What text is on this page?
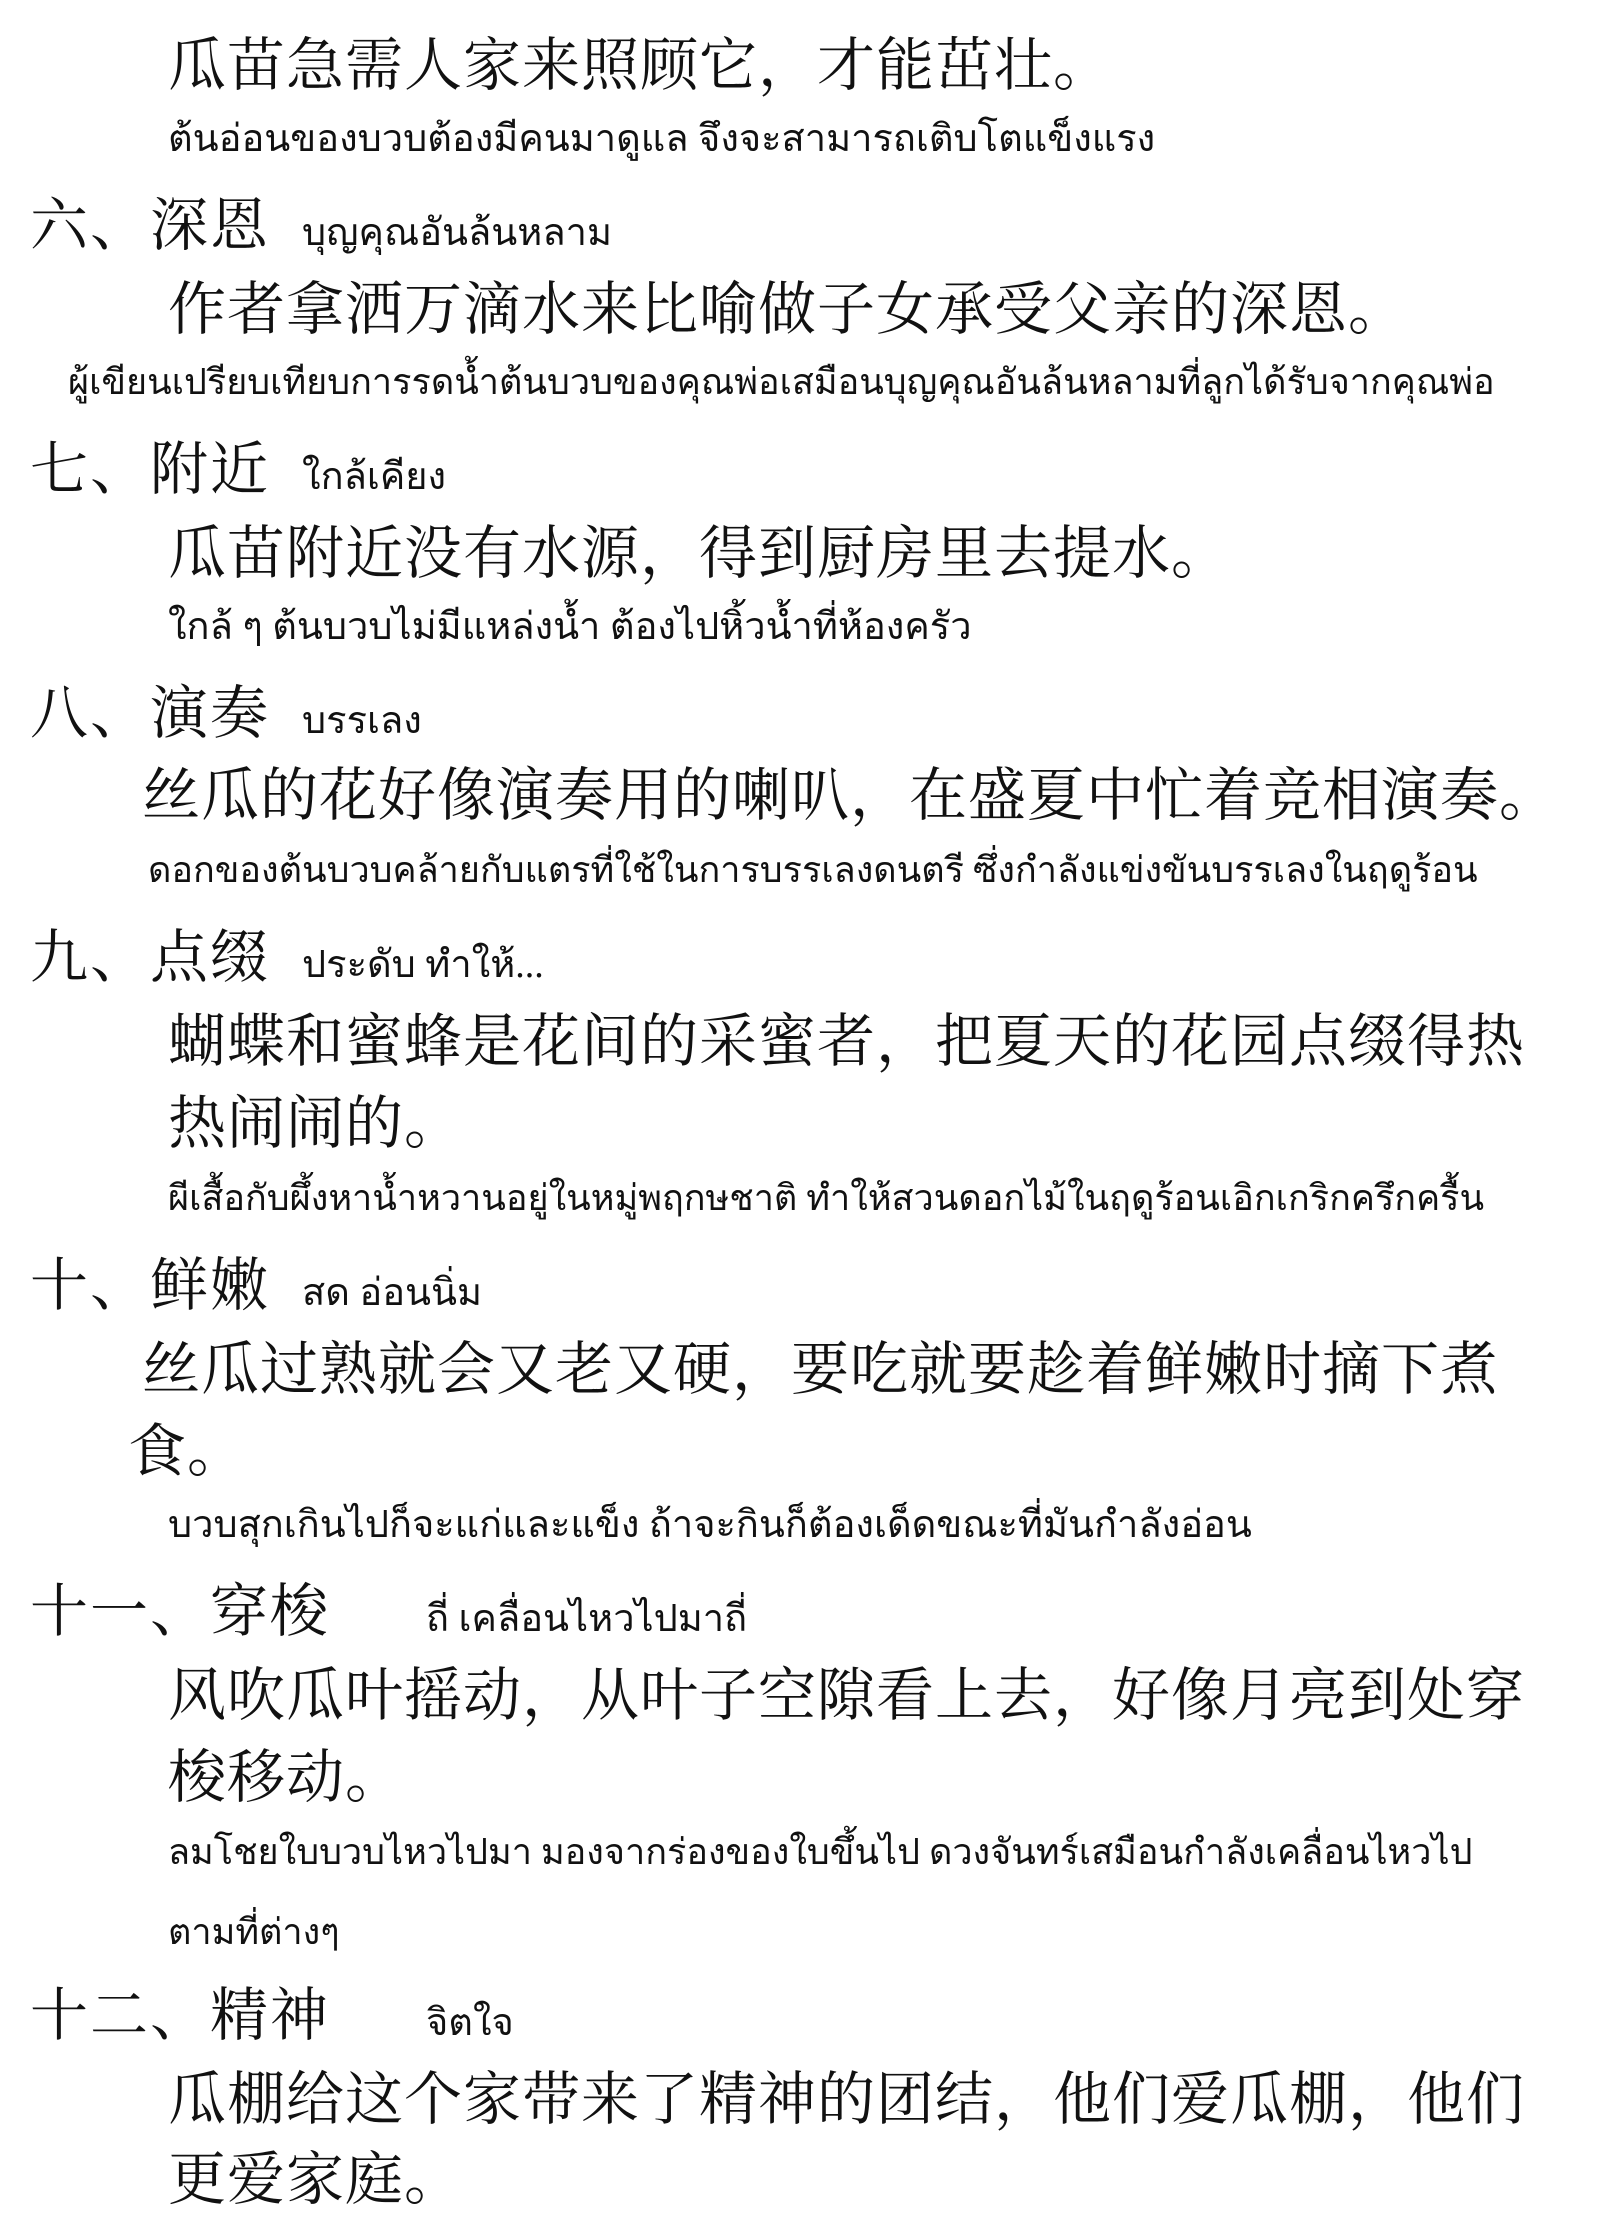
瓜苗急需人家来照顾它，才能茁壮。
ต้นอ่อนของบวบต้องมีคนมาดูแล จึงจะสามารถเติบโตแข็งแรง
六、深恩 บุญคุณอันล้นหลาม
作者拿洒万滴水来比喻做子女承受父亲的深恩。
ผู้เขียนเปรียบเทียบการรดน้ำต้นบวบของคุณพ่อเสมือนบุญคุณอันล้นหลามที่ลูกได้รับจากคุณพ่อ
七、附近 ใกล้เคียง
瓜苗附近没有水源，得到厨房里去提水。
ใกล้ ๆ ต้นบวบไม่มีแหล่งน้ำ ต้องไปหิ้วน้ำที่ห้องครัว
八、演奏 บรรเลง
丝瓜的花好像演奏用的喇叭，在盛夏中忙着竞相演奏。
ดอกของต้นบวบคล้ายกับแตรที่ใช้ในการบรรเลงดนตรี ซึ่งกำลังแข่งขันบรรเลงในฤดูร้อน
九、点缀 ประดับ ทำให้...
蝴蝶和蜜蜂是花间的采蜜者，把夏天的花园点缀得热
热闹闹的。
ผีเสื้อกับผึ้งหาน้ำหวานอยู่ในหมู่พฤกษชาติ ทำให้สวนดอกไม้ในฤดูร้อนเอิกเกริกครึกครื้น
十、鲜嫩 สด อ่อนนิ่ม
丝瓜过熟就会又老又硬，要吃就要趁着鲜嫩时摘下煮
食。
บวบสุกเกินไปก็จะแก่และแข็ง ถ้าจะกินก็ต้องเด็ดขณะที่มันกำลังอ่อน
十一、穿梭	ถี่ เคลื่อนไหวไปมาถี่
风吹瓜叶摇动，从叶子空隙看上去，好像月亮到处穿
梭移动。
ลมโชยใบบวบไหวไปมา มองจากร่องของใบขึ้นไป ดวงจันทร์เสมือนกำลังเคลื่อนไหวไป
ตามที่ต่างๆ
十二、精神	จิตใจ
瓜棚给这个家带来了精神的团结，他们爱瓜棚，他们
更爱家庭。
